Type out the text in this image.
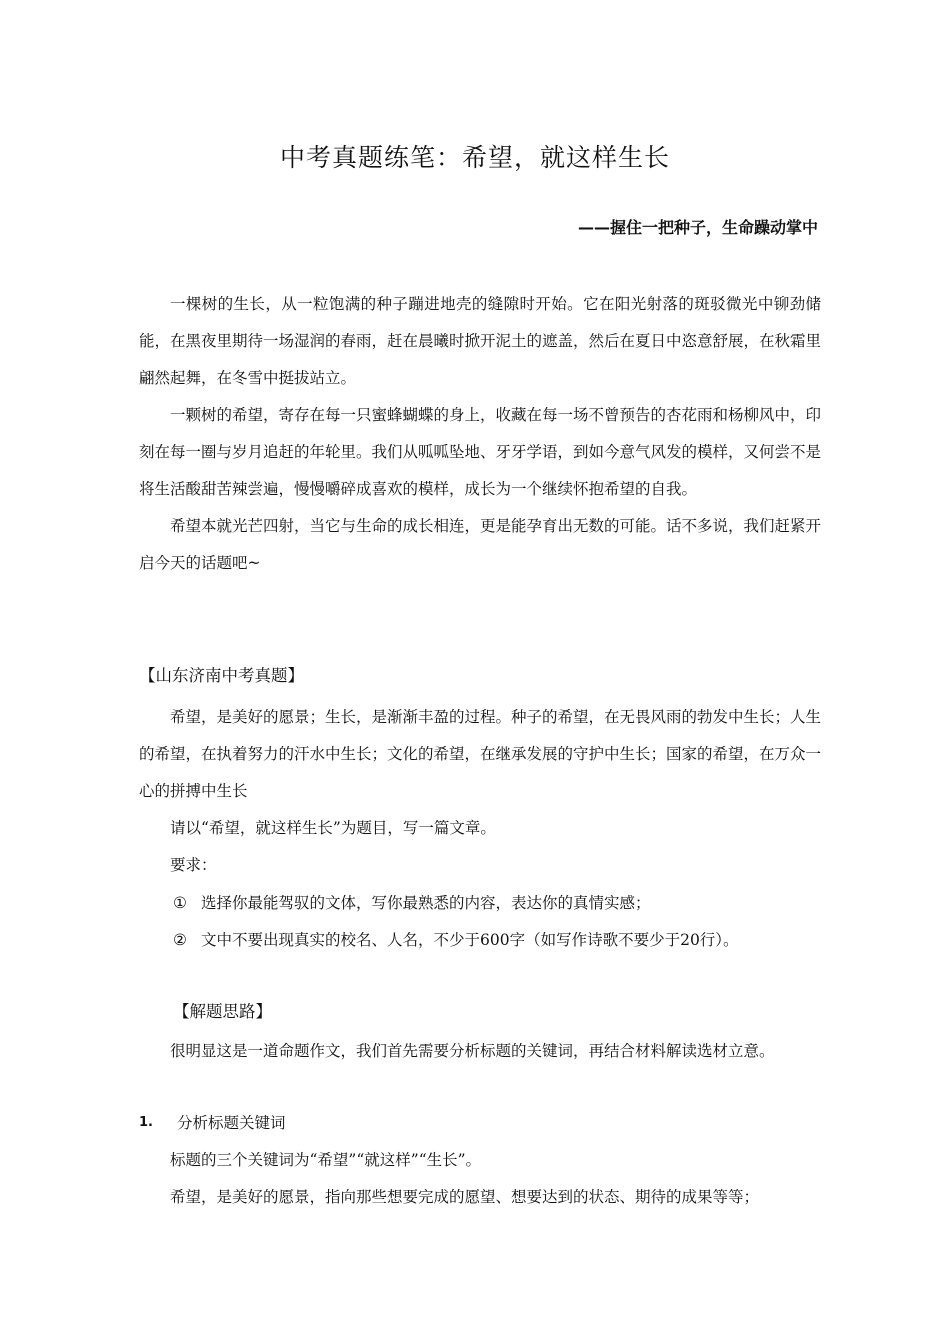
中考真题练笔：希望，就这样生长

——握住一把种子，生命躁动掌中

一棵树的生长，从一粒饱满的种子蹦进地壳的缝隙时开始。它在阳光射落的斑驳微光中铆劲储能，在黑夜里期待一场湿润的春雨，赶在晨曦时掀开泥土的遮盖，然后在夏日中恣意舒展，在秋霜里翩然起舞，在冬雪中挺拔站立。

一颗树的希望，寄存在每一只蜜蜂蝴蝶的身上，收藏在每一场不曾预告的杏花雨和杨柳风中，印刻在每一圈与岁月追赶的年轮里。我们从呱呱坠地、牙牙学语，到如今意气风发的模样，又何尝不是将生活酸甜苦辣尝遍，慢慢嚼碎成喜欢的模样，成长为一个继续怀抱希望的自我。

希望本就光芒四射，当它与生命的成长相连，更是能孕育出无数的可能。话不多说，我们赶紧开启今天的话题吧~

【山东济南中考真题】

希望，是美好的愿景；生长，是渐渐丰盈的过程。种子的希望，在无畏风雨的勃发中生长；人生的希望，在执着努力的汗水中生长；文化的希望，在继承发展的守护中生长；国家的希望，在万众一心的拼搏中生长

请以“希望，就这样生长”为题目，写一篇文章。

要求：

① 选择你最能驾驭的文体，写你最熟悉的内容，表达你的真情实感；
② 文中不要出现真实的校名、人名，不少于600字（如写作诗歌不要少于20行）。
【解题思路】

很明显这是一道命题作文，我们首先需要分析标题的关键词，再结合材料解读选材立意。

1.	分析标题关键词

标题的三个关键词为“希望”“就这样”“生长”。

希望，是美好的愿景，指向那些想要完成的愿望、想要达到的状态、期待的成果等等；
